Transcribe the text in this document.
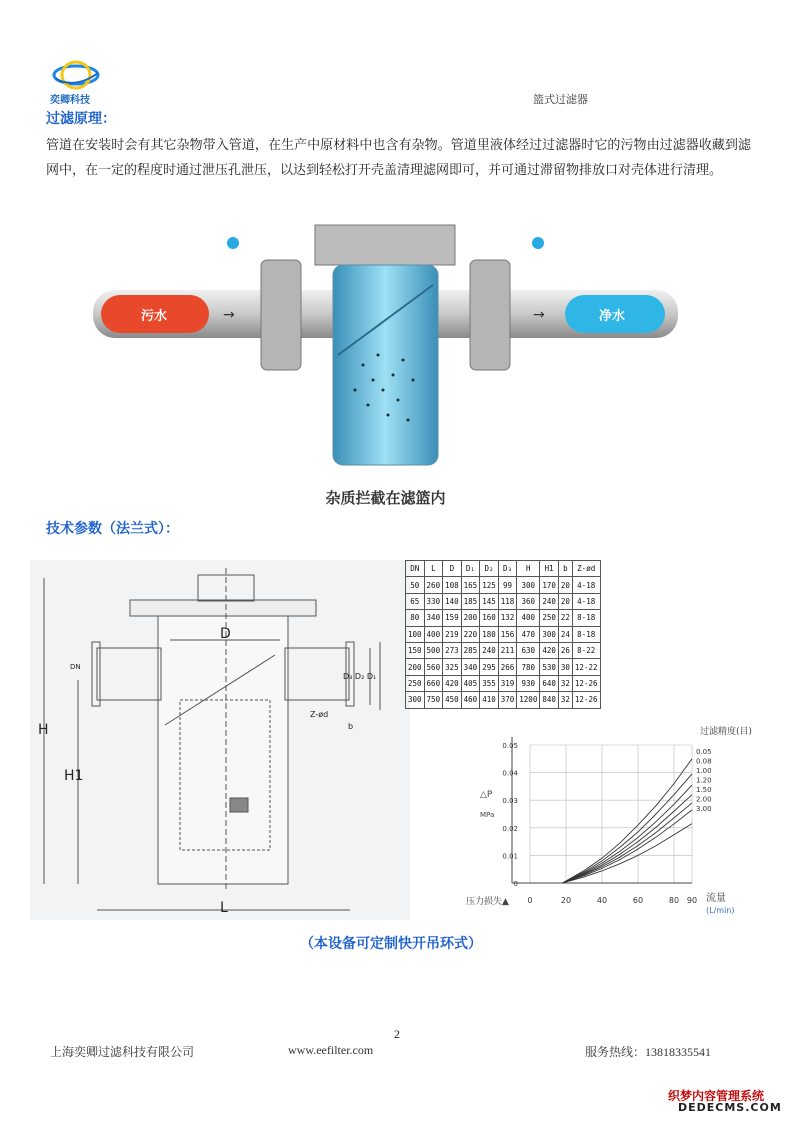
奕卿科技	篮式过滤器
过滤原理：
管道在安装时会有其它杂物带入管道，在生产中原材料中也含有杂物。管道里液体经过过滤器时它的污物由过滤器收藏到滤网中，在一定的程度时通过泄压孔泄压，以达到轻松打开壳盖清理滤网即可，并可通过滞留物排放口对壳体进行清理。
→	→
污水	净水
杂质拦截在滤篮内
技术参数（法兰式）：
H
H1
L
D
DN
D₃ D₂ D₁
Z-ød
b
DN	L	D	D₁	D₂	D₃	H	H1	b	Z-ød
50	260	108	165	125	99	300	170	20	4-18
65	330	140	185	145	118	360	240	20	4-18
80	340	159	200	160	132	400	250	22	8-18
100	400	219	220	180	156	470	300	24	8-18
150	500	273	285	240	211	630	420	26	8-22
200	560	325	340	295	266	780	530	30	12-22
250	660	420	405	355	319	930	640	32	12-26
300	750	450	460	410	370	1200	840	32	12-26
0	20	40	60	80 90
0
0.01
0.02
0.03
0.04
0.05
0.05
0.08
1.00
1.20
1.50
2.00
3.00
过滤精度(目)
△P
MPa
流量
(L/min)
压力损失▲
（本设备可定制快开吊环式）
2
上海奕卿过滤科技有限公司	www.eefilter.com	服务热线：13818335541
织梦内容管理系统
DEDECMS.COM
